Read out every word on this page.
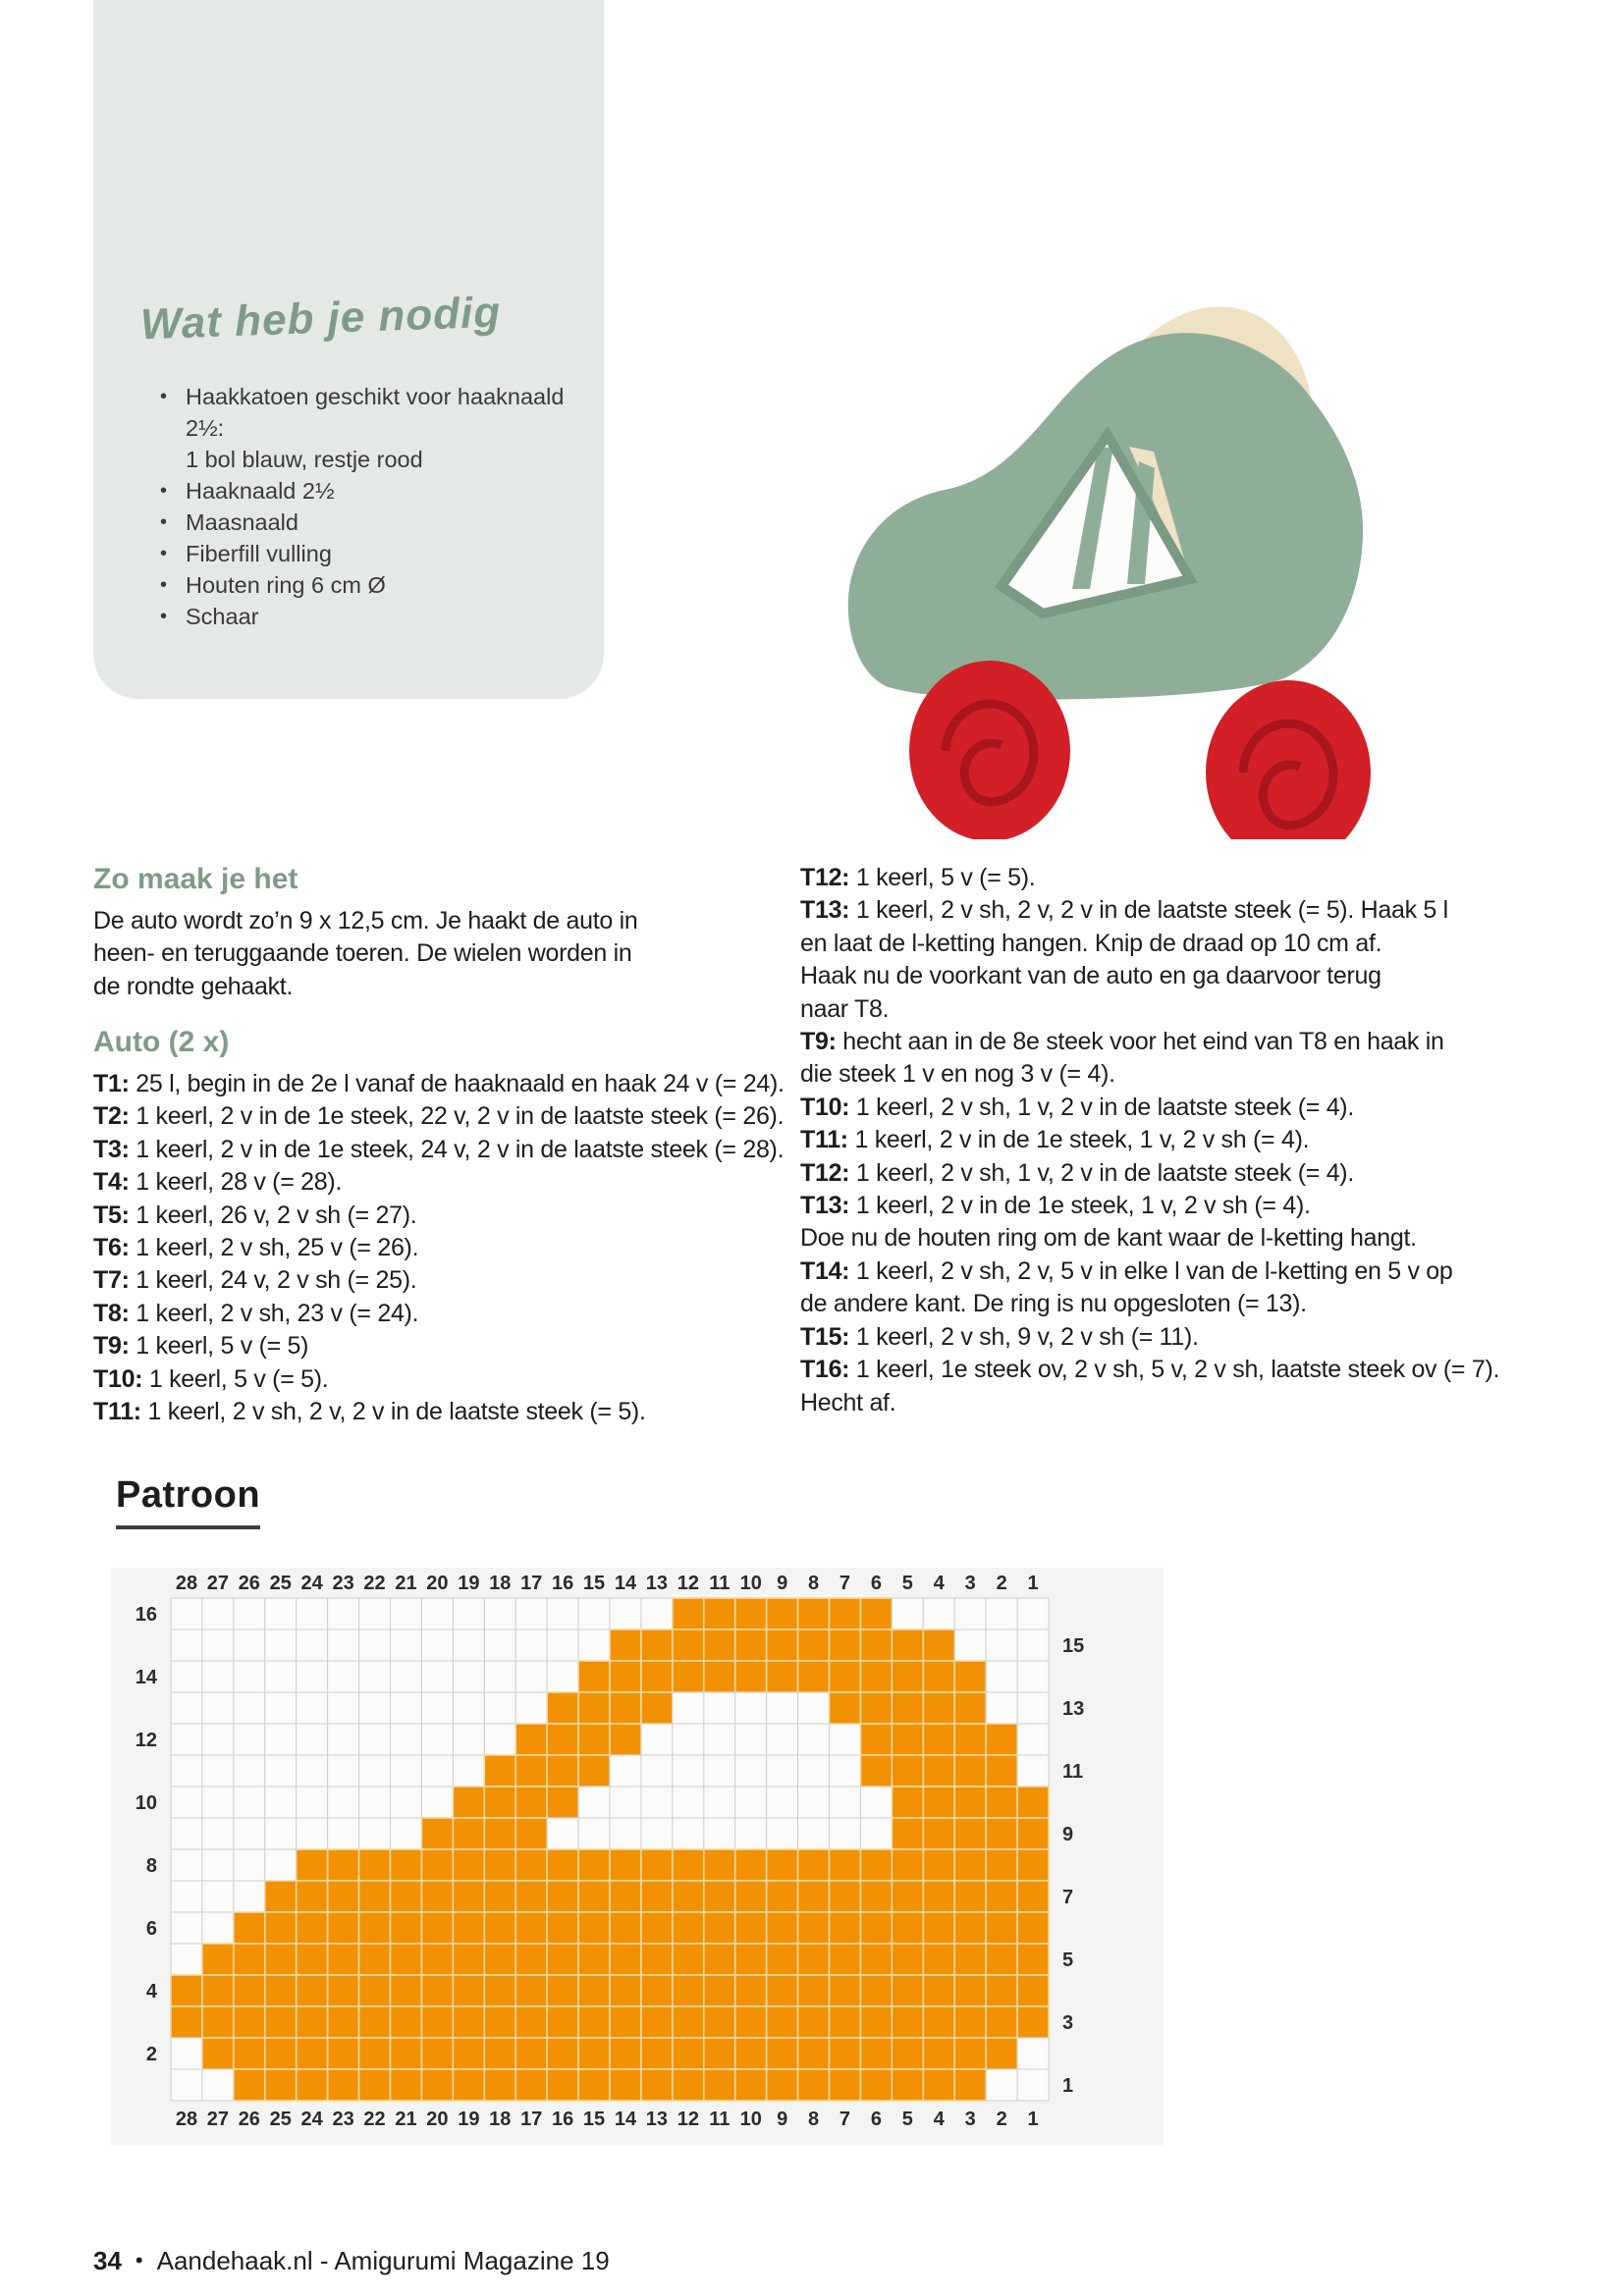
Wat heb je nodig
• Haakkatoen geschikt voor haaknaald 2½:
1 bol blauw, restje rood
• Haaknaald 2½
• Maasnaald
• Fiberfill vulling
• Houten ring 6 cm Ø
• Schaar
Zo maak je het
De auto wordt zo’n 9 x 12,5 cm. Je haakt de auto in
heen- en teruggaande toeren. De wielen worden in
de rondte gehaakt.
Auto (2 x)
T1: 25 l, begin in de 2e l vanaf de haaknaald en haak 24 v (= 24).
T2: 1 keerl, 2 v in de 1e steek, 22 v, 2 v in de laatste steek (= 26).
T3: 1 keerl, 2 v in de 1e steek, 24 v, 2 v in de laatste steek (= 28).
T4: 1 keerl, 28 v (= 28).
T5: 1 keerl, 26 v, 2 v sh (= 27).
T6: 1 keerl, 2 v sh, 25 v (= 26).
T7: 1 keerl, 24 v, 2 v sh (= 25).
T8: 1 keerl, 2 v sh, 23 v (= 24).
T9: 1 keerl, 5 v (= 5)
T10: 1 keerl, 5 v (= 5).
T11: 1 keerl, 2 v sh, 2 v, 2 v in de laatste steek (= 5).
T12: 1 keerl, 5 v (= 5).
T13: 1 keerl, 2 v sh, 2 v, 2 v in de laatste steek (= 5). Haak 5 l
en laat de l-ketting hangen. Knip de draad op 10 cm af.
Haak nu de voorkant van de auto en ga daarvoor terug
naar T8.
T9: hecht aan in de 8e steek voor het eind van T8 en haak in
die steek 1 v en nog 3 v (= 4).
T10: 1 keerl, 2 v sh, 1 v, 2 v in de laatste steek (= 4).
T11: 1 keerl, 2 v in de 1e steek, 1 v, 2 v sh (= 4).
T12: 1 keerl, 2 v sh, 1 v, 2 v in de laatste steek (= 4).
T13: 1 keerl, 2 v in de 1e steek, 1 v, 2 v sh (= 4).
Doe nu de houten ring om de kant waar de l-ketting hangt.
T14: 1 keerl, 2 v sh, 2 v, 5 v in elke l van de l-ketting en 5 v op
de andere kant. De ring is nu opgesloten (= 13).
T15: 1 keerl, 2 v sh, 9 v, 2 v sh (= 11).
T16: 1 keerl, 1e steek ov, 2 v sh, 5 v, 2 v sh, laatste steek ov (= 7).
Hecht af.
Patroon
28
28
27
27
26
26
25
25
24
24
23
23
22
22
21
21
20
20
19
19
18
18
17
17
16
16
15
15
14
14
13
13
12
12
11
11
10
10
9
9
8
8
7
7
6
6
5
5
4
4
3
3
2
2
1
1
16
14
12
10
8
6
4
2
15
13
11
9
7
5
3
1
34 • Aandehaak.nl - Amigurumi Magazine 19
